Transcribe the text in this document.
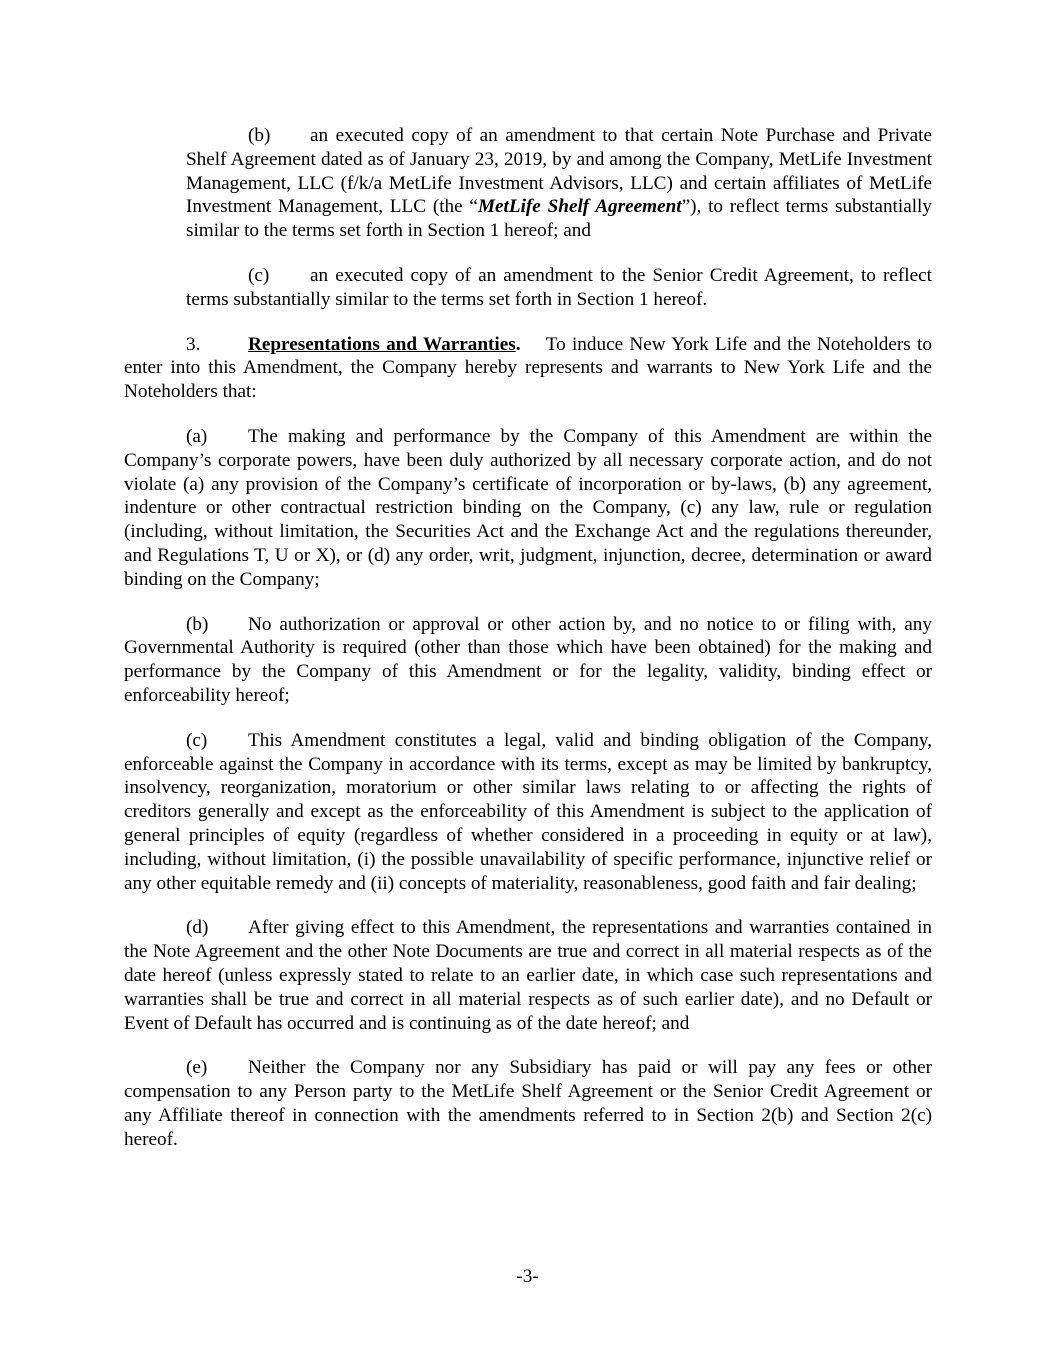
(b) an executed copy of an amendment to that certain Note Purchase and Private Shelf Agreement dated as of January 23, 2019, by and among the Company, MetLife Investment Management, LLC (f/k/a MetLife Investment Advisors, LLC) and certain affiliates of MetLife Investment Management, LLC (the “MetLife Shelf Agreement”), to reflect terms substantially similar to the terms set forth in Section 1 hereof; and

(c) an executed copy of an amendment to the Senior Credit Agreement, to reflect terms substantially similar to the terms set forth in Section 1 hereof.

3. Representations and Warranties. To induce New York Life and the Noteholders to enter into this Amendment, the Company hereby represents and warrants to New York Life and the Noteholders that:

(a) The making and performance by the Company of this Amendment are within the Company’s corporate powers, have been duly authorized by all necessary corporate action, and do not violate (a) any provision of the Company’s certificate of incorporation or by-laws, (b) any agreement, indenture or other contractual restriction binding on the Company, (c) any law, rule or regulation (including, without limitation, the Securities Act and the Exchange Act and the regulations thereunder, and Regulations T, U or X), or (d) any order, writ, judgment, injunction, decree, determination or award binding on the Company;

(b) No authorization or approval or other action by, and no notice to or filing with, any Governmental Authority is required (other than those which have been obtained) for the making and performance by the Company of this Amendment or for the legality, validity, binding effect or enforceability hereof;

(c) This Amendment constitutes a legal, valid and binding obligation of the Company, enforceable against the Company in accordance with its terms, except as may be limited by bankruptcy, insolvency, reorganization, moratorium or other similar laws relating to or affecting the rights of creditors generally and except as the enforceability of this Amendment is subject to the application of general principles of equity (regardless of whether considered in a proceeding in equity or at law), including, without limitation, (i) the possible unavailability of specific performance, injunctive relief or any other equitable remedy and (ii) concepts of materiality, reasonableness, good faith and fair dealing;

(d) After giving effect to this Amendment, the representations and warranties contained in the Note Agreement and the other Note Documents are true and correct in all material respects as of the date hereof (unless expressly stated to relate to an earlier date, in which case such representations and warranties shall be true and correct in all material respects as of such earlier date), and no Default or Event of Default has occurred and is continuing as of the date hereof; and

(e) Neither the Company nor any Subsidiary has paid or will pay any fees or other compensation to any Person party to the MetLife Shelf Agreement or the Senior Credit Agreement or any Affiliate thereof in connection with the amendments referred to in Section 2(b) and Section 2(c) hereof.

-3-
